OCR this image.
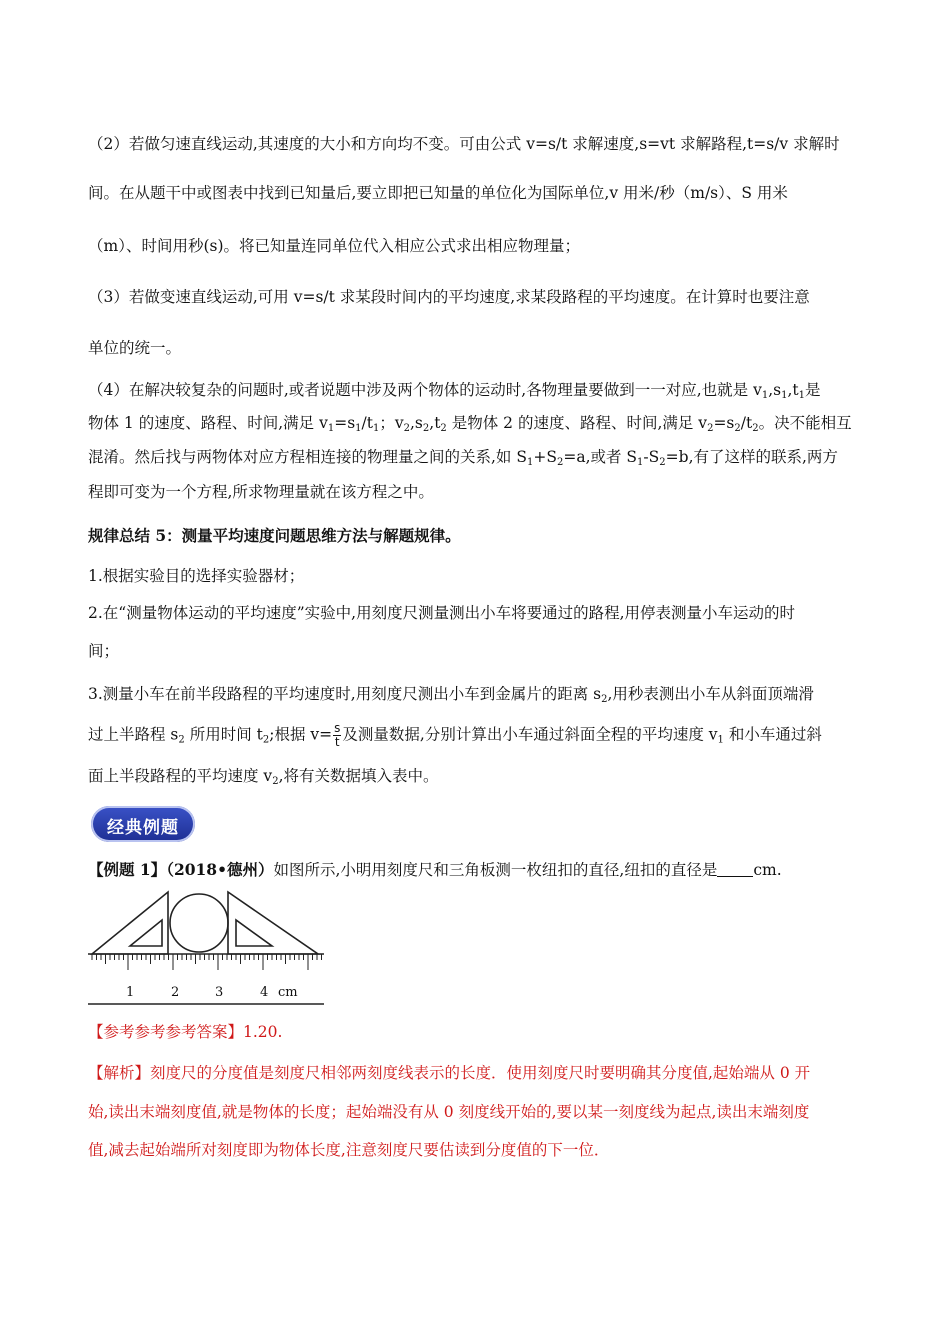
（2）若做匀速直线运动,其速度的大小和方向均不变。可由公式 v=s/t 求解速度,s=vt 求解路程,t=s/v 求解时
间。在从题干中或图表中找到已知量后,要立即把已知量的单位化为国际单位,v 用米/秒（m/s）、S 用米
（m）、时间用秒(s)。将已知量连同单位代入相应公式求出相应物理量；
（3）若做变速直线运动,可用 v=s/t 求某段时间内的平均速度,求某段路程的平均速度。在计算时也要注意
单位的统一。
（4）在解决较复杂的问题时,或者说题中涉及两个物体的运动时,各物理量要做到一一对应,也就是 $v_1,s_1,t_1$是
物体 1 的速度、路程、时间,满足 $v_1=s_1/t_1$；$v_2,s_2,t_2$ 是物体 2 的速度、路程、时间,满足 $v_2=s_2/t_2$。决不能相互
混淆。然后找与两物体对应方程相连接的物理量之间的关系,如 $S_1+S_2=a$,或者 $S_1-S_2=b$,有了这样的联系,两方
程即可变为一个方程,所求物理量就在该方程之中。
规律总结 5：测量平均速度问题思维方法与解题规律。
1.根据实验目的选择实验器材；
2.在“测量物体运动的平均速度”实验中,用刻度尺测量测出小车将要通过的路程,用停表测量小车运动的时
间；
3.测量小车在前半段路程的平均速度时,用刻度尺测出小车到金属片的距离 $s_2$,用秒表测出小车从斜面顶端滑
过上半路程 $s_2$ 所用时间 $t_2$;根据 $v= \frac{s}{t}$ 及测量数据,分别计算出小车通过斜面全程的平均速度 $v_1$ 和小车通过斜
面上半段路程的平均速度 $v_2$,将有关数据填入表中。
经典例题
【例题 1】（2018•德州）如图所示,小明用刻度尺和三角板测一枚纽扣的直径,纽扣的直径是 cm.
1	2	3	4 cm
【参考参考参考答案】1.20.
【解析】刻度尺的分度值是刻度尺相邻两刻度线表示的长度．使用刻度尺时要明确其分度值,起始端从 0 开
始,读出末端刻度值,就是物体的长度；起始端没有从 0 刻度线开始的,要以某一刻度线为起点,读出末端刻度
值,减去起始端所对刻度即为物体长度,注意刻度尺要估读到分度值的下一位．
